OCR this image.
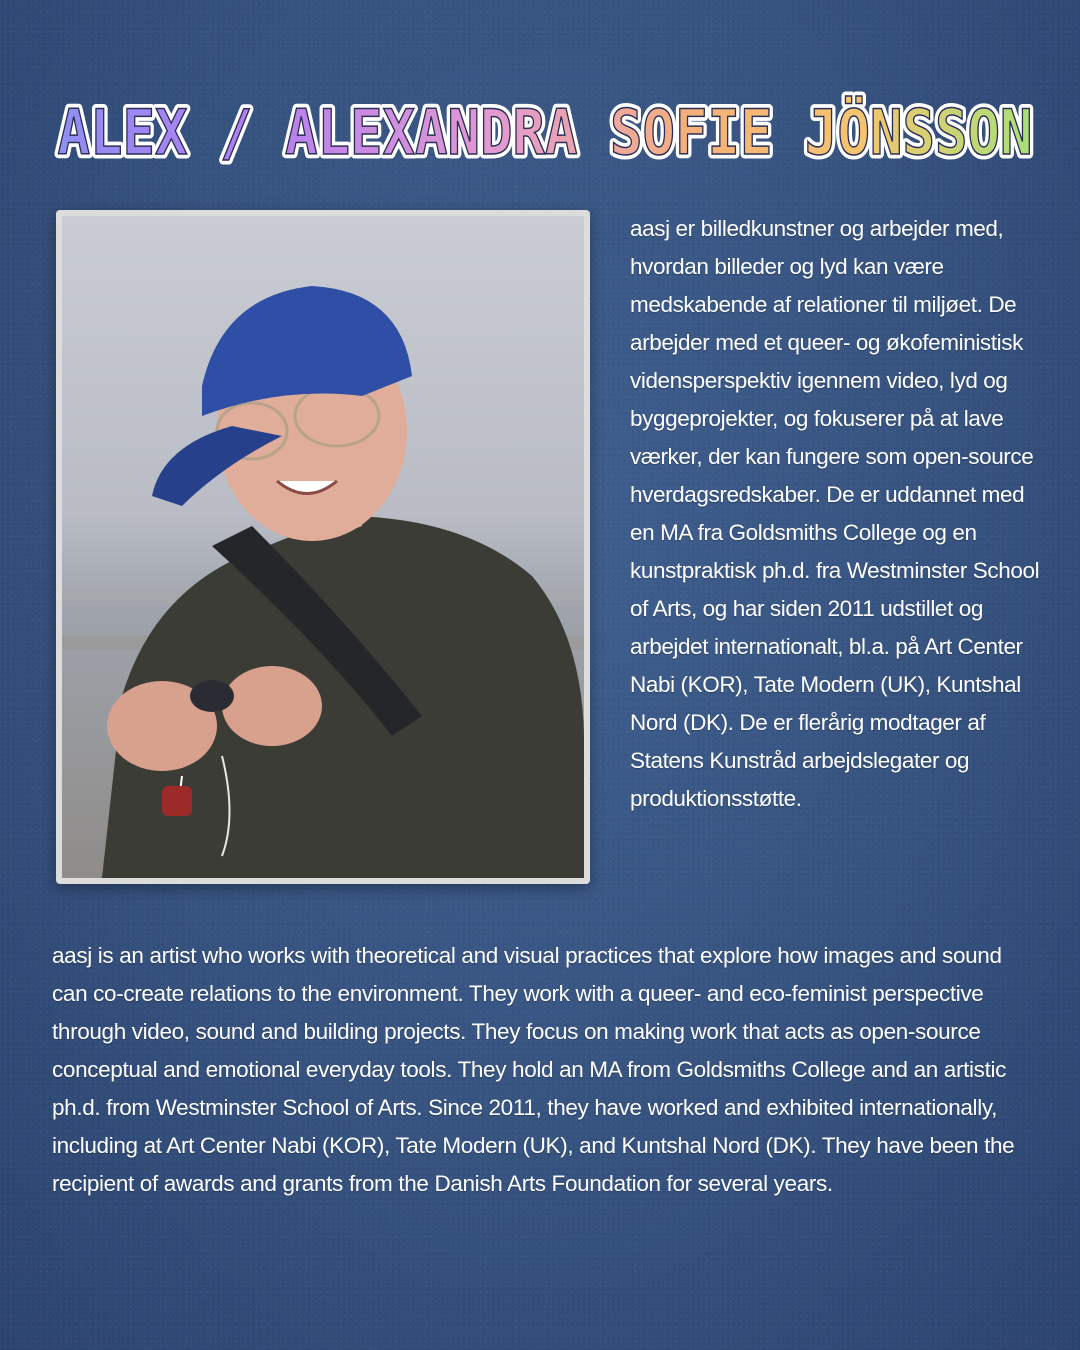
ALEX / ALEXANDRA SOFIE JÖNSSON
ALEX / ALEXANDRA SOFIE JÖNSSON
aasj er billedkunstner og arbejder med, hvordan billeder og lyd kan være medskabende af relationer til miljøet. De arbejder med et queer- og økofeministisk vidensperspektiv igennem video, lyd og byggeprojekter, og fokuserer på at lave værker, der kan fungere som open-source hverdagsredskaber. De er uddannet med en MA fra Goldsmiths College og en kunstpraktisk ph.d. fra Westminster School of Arts, og har siden 2011 udstillet og arbejdet internationalt, bl.a. på Art Center Nabi (KOR), Tate Modern (UK), Kuntshal Nord (DK). De er flerårig modtager af Statens Kunstråd arbejdslegater og produktionsstøtte.
aasj is an artist who works with theoretical and visual practices that explore how images and sound can co-create relations to the environment. They work with a queer- and eco-feminist perspective through video, sound and building projects. They focus on making work that acts as open-source conceptual and emotional everyday tools. They hold an MA from Goldsmiths College and an artistic ph.d. from Westminster School of Arts. Since 2011, they have worked and exhibited internationally, including at Art Center Nabi (KOR), Tate Modern (UK), and Kuntshal Nord (DK). They have been the recipient of awards and grants from the Danish Arts Foundation for several years.
